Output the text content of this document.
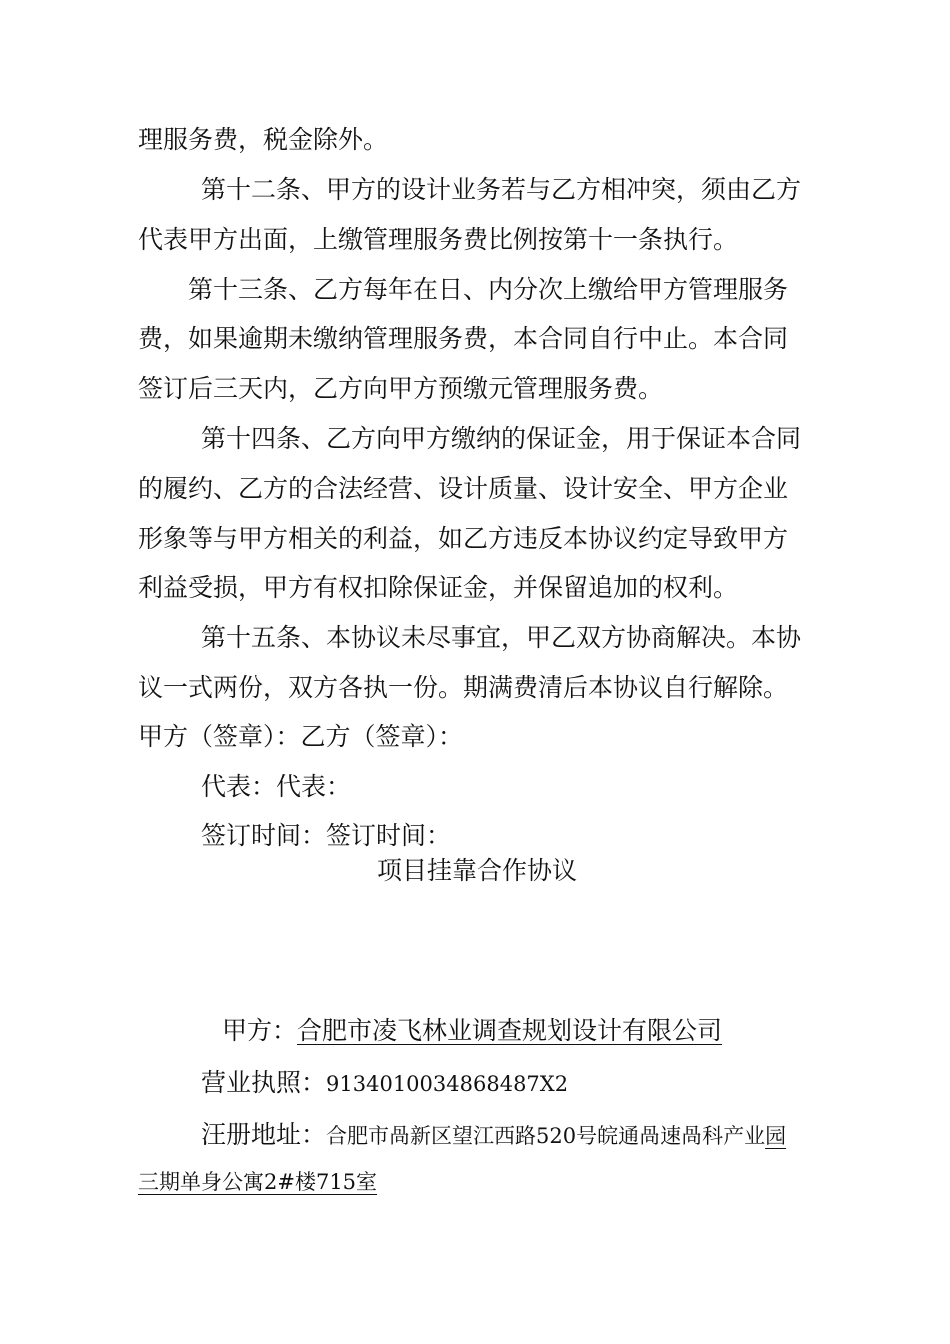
理服务费，税金除外。
第十二条、甲方的设计业务若与乙方相冲突，须由乙方
代表甲方出面，上缴管理服务费比例按第十一条执行。
第十三条、乙方每年在日、内分次上缴给甲方管理服务
费，如果逾期未缴纳管理服务费，本合同自行中止。本合同
签订后三天内，乙方向甲方预缴元管理服务费。
第十四条、乙方向甲方缴纳的保证金，用于保证本合同
的履约、乙方的合法经营、设计质量、设计安全、甲方企业
形象等与甲方相关的利益，如乙方违反本协议约定导致甲方
利益受损，甲方有权扣除保证金，并保留追加的权利。
第十五条、本协议未尽事宜，甲乙双方协商解决。本协
议一式两份，双方各执一份。期满费清后本协议自行解除。
甲方（签章）：乙方（签章）：
代表：代表：
签订时间：签订时间：
项目挂靠合作协议
甲方：合肥市凌飞林业调查规划设计有限公司
营业执照：9134010034868487X2
汪册地址：合肥市咼新区望江西路520号皖通咼速咼科产业园
三期单身公寓2#楼715室
